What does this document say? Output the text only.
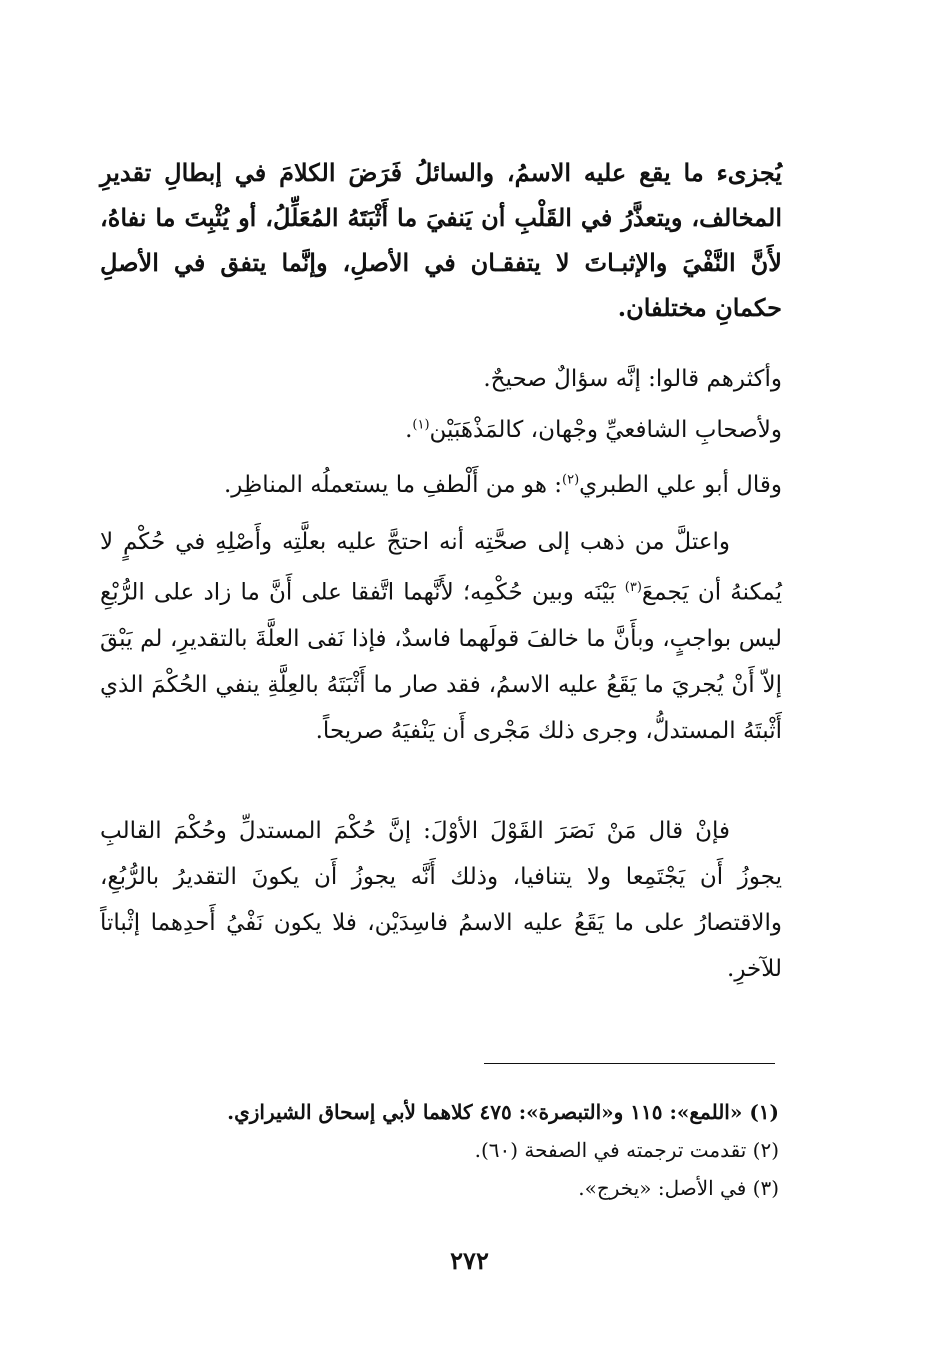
يُجزىء ما يقع عليه الاسمُ، والسائلُ فَرَضَ الكلامَ في إبطالِ تقديرِ المخالف، ويتعذَّرُ في القَلْبِ أن يَنفيَ ما أَثْبَتَهُ المُعَلِّلُ، أو يُثْبِتَ ما نفاهُ، لأَنَّ النَّفْيَ والإثبـاتَ لا يتفقـان في الأصلِ، وإنَّما يتفق في الأصلِ حكمانِ مختلفان.

وأكثرهم قالوا: إنَّه سؤالٌ صحيحٌ.
ولأصحابِ الشافعيِّ وجْهان، كالمَذْهَبَيْن$^{(١)}$.
وقال أبو علي الطبري$^{(٢)}$: هو من أَلْطفِ ما يستعملُه المناظِر.

واعتلَّ من ذهب إلى صحَّتِه أنه احتجَّ عليه بعلَّتِه وأَصْلِهِ في حُكْمٍ لا يُمكنهُ أن يَجمعَ$^{(٣)}$ بَيْنَه وبين حُكْمِه؛ لأَنَّهما اتَّفقا على أَنَّ ما زاد على الرُّبْعِ ليس بواجبٍ، وبأَنَّ ما خالفَ قولَهما فاسدٌ، فإذا نَفى العلَّةَ بالتقديرِ، لم يَبْقَ إلاّ أَنْ يُجريَ ما يَقَعُ عليه الاسمُ، فقد صار ما أَثْبَتَهُ بالعِلَّةِ ينفي الحُكْمَ الذي أَثْبتَهُ المستدلُّ، وجرى ذلك مَجْرى أَن يَنْفيَهُ صريحاً.

فإنْ قال مَنْ نَصَرَ القَوْلَ الأوْلَ: إنَّ حُكْمَ المستدلِّ وحُكْمَ القالبِ يجوزُ أَن يَجْتَمِعا ولا يتنافيا، وذلك أَنَّه يجوزُ أَن يكونَ التقديرُ بالرُّبُعِ، والاقتصارُ على ما يَقَعُ عليه الاسمُ فاسِدَيْن، فلا يكون نَفْيُ أَحدِهما إثْباتاً للآخرِ.

(١) «اللمع»: ١١٥ و«التبصرة»: ٤٧٥ كلاهما لأبي إسحاق الشيرازي.
(٢) تقدمت ترجمته في الصفحة (٦٠).
(٣) في الأصل: «يخرج».
٢٧٢
